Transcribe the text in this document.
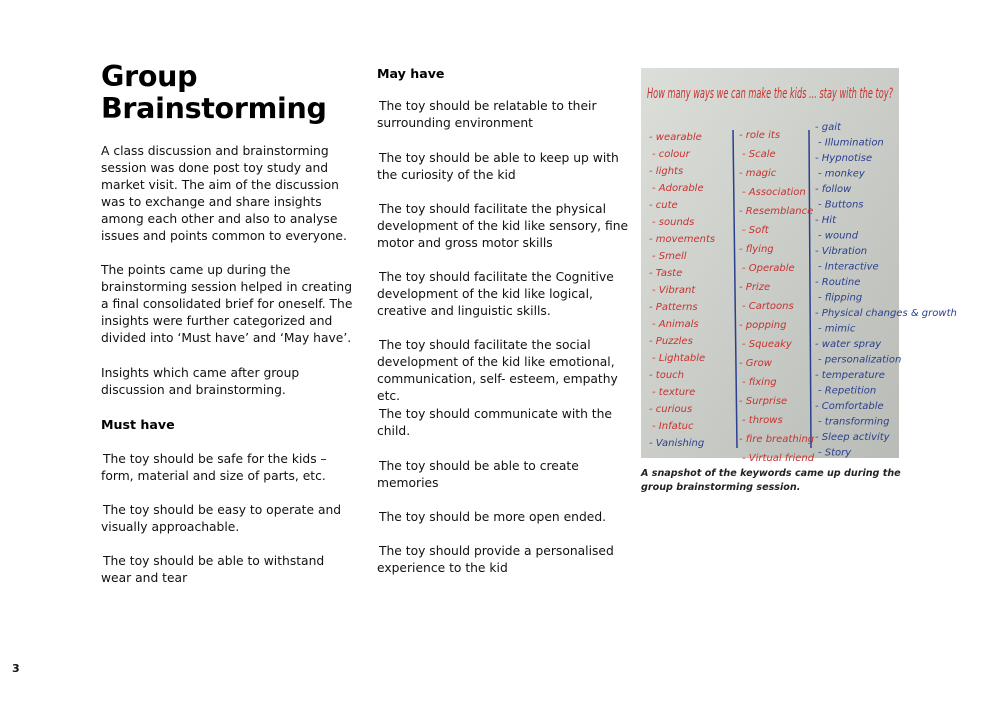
Group
Brainstorming

A class discussion and brainstorming session was done post toy study and market visit. The aim of the discussion was to exchange and share insights among each other and also to analyse issues and points common to everyone.

The points came up during the brainstorming session helped in creating a final consolidated brief for oneself. The insights were further categorized and divided into ‘Must have’ and ‘May have’.

Insights which came after group discussion and brainstorming.

Must have

The toy should be safe for the kids – form, material and size of parts, etc.

The toy should be easy to operate and visually approachable.

The toy should be able to withstand wear and tear

May have

The toy should be relatable to their surrounding environment

The toy should be able to keep up with the curiosity of the kid

The toy should facilitate the physical development of the kid like sensory, fine motor and gross motor skills

The toy should facilitate the Cognitive development of the kid like logical, creative and linguistic skills.

The toy should facilitate the social development of the kid like emotional, communication, self- esteem, empathy etc.

The toy should communicate with the child.

The toy should be able to create memories

The toy should be more open ended.

The toy should provide a personalised experience to the kid

How many ways we can make the kids ... stay with the toy?
- wearable
- colour
- lights
- Adorable
- cute
- sounds
- movements
- Smell
- Taste
- Vibrant
- Patterns
- Animals
- Puzzles
- Lightable
- touch
- texture
- curious
- Infatuc
- Vanishing
- role its
- Scale
- magic
- Association
- Resemblance
- Soft
- flying
- Operable
- Prize
- Cartoons
- popping
- Squeaky
- Grow
- fixing
- Surprise
- throws
- fire breathing
- Virtual friend
- gait
- Illumination
- Hypnotise
- monkey
- follow
- Buttons
- Hit
- wound
- Vibration
- Interactive
- Routine
- flipping
- Physical changes & growth
- mimic
- water spray
- personalization
- temperature
- Repetition
- Comfortable
- transforming
- Sleep activity
- Story
A snapshot of the keywords came up during the group brainstorming session.
3
